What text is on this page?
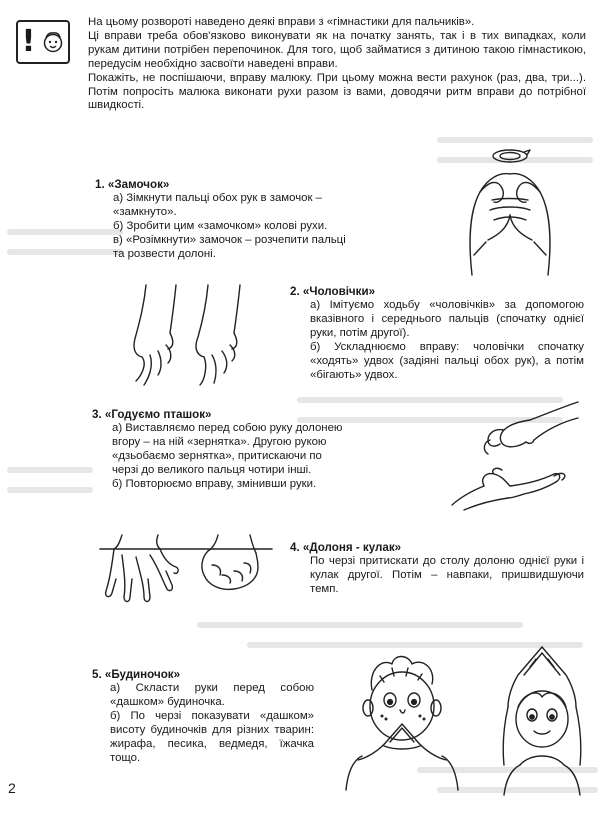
!

На цьому розвороті наведено деякі вправи з «гімнастики для пальчиків».

Ці вправи треба обов'язково виконувати як на початку занять, так і в тих випадках, коли рукам дитини потрібен перепочинок. Для того, щоб займатися з дитиною такою гімнастикою, передусім необхідно засвоїти наведені вправи.

Покажіть, не поспішаючи, вправу малюку. При цьому можна вести рахунок (раз, два, три...). Потім попросіть малюка виконати рухи разом із вами, доводячи ритм вправи до потрібної швидкості.

1. «Замочок»

а) Зімкнути пальці обох рук в замочок – «замкнуто».

б) Зробити цим «замочком» колові рухи.

в) «Розімкнути» замочок – розчепити пальці та розвести долоні.

2. «Чоловічки»

а) Імітуємо ходьбу «чоловічків» за допомогою вказівного і середнього пальців (спочатку однієї руки, потім другої).

б) Ускладнюємо вправу: чоловічки спочатку «ходять» удвох (задіяні пальці обох рук), а потім «бігають» удвох.

3. «Годуємо пташок»

а) Виставляємо перед собою руку долонею вгору – на ній «зернятка». Другою рукою «дзьобаємо зернятка», притискаючи по черзі до великого пальця чотири інші.

б) Повторюємо вправу, змінивши руки.

4. «Долоня - кулак»

По черзі притискати до столу долоню однієї руки і кулак другої. Потім – навпаки, пришвидшуючи темп.

5. «Будиночок»

а) Скласти руки перед собою «дашком» будиночка.

б) По черзі показувати «дашком» висоту будиночків для різних тварин: жирафа, песика, ведмедя, їжачка тощо.

2
